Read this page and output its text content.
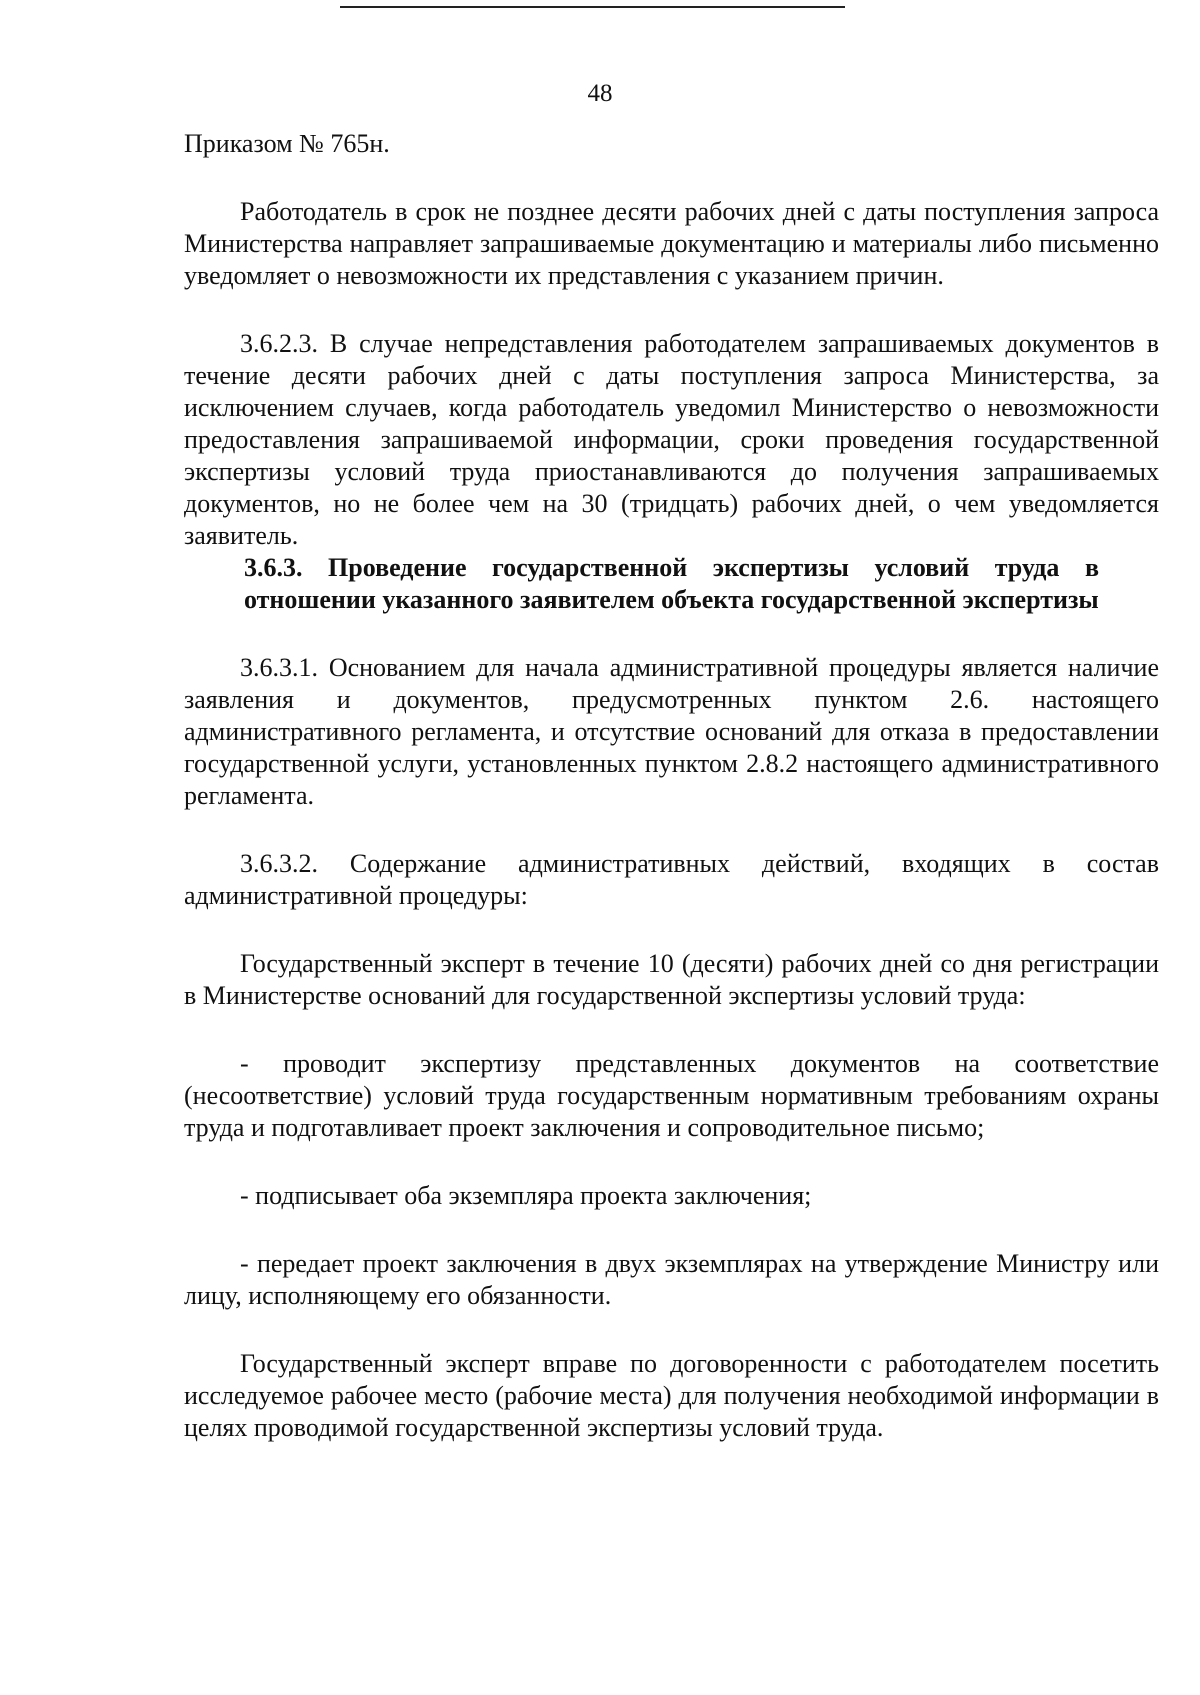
48

Приказом № 765н.

Работодатель в срок не позднее десяти рабочих дней с даты поступления запроса Министерства направляет запрашиваемые документацию и материалы либо письменно уведомляет о невозможности их представления с указанием причин.

3.6.2.3. В случае непредставления работодателем запрашиваемых документов в течение десяти рабочих дней с даты поступления запроса Министерства, за исключением случаев, когда работодатель уведомил Министерство о невозможности предоставления запрашиваемой информации, сроки проведения государственной экспертизы условий труда приостанавливаются до получения запрашиваемых документов, но не более чем на 30 (тридцать) рабочих дней, о чем уведомляется заявитель.

3.6.3. Проведение государственной экспертизы условий труда в отношении указанного заявителем объекта государственной экспертизы

3.6.3.1. Основанием для начала административной процедуры является наличие заявления и документов, предусмотренных пунктом 2.6. настоящего административного регламента, и отсутствие оснований для отказа в предоставлении государственной услуги, установленных пунктом 2.8.2 настоящего административного регламента.

3.6.3.2. Содержание административных действий, входящих в состав административной процедуры:

Государственный эксперт в течение 10 (десяти) рабочих дней со дня регистрации в Министерстве оснований для государственной экспертизы условий труда:

- проводит экспертизу представленных документов на соответствие (несоответствие) условий труда государственным нормативным требованиям охраны труда и подготавливает проект заключения и сопроводительное письмо;

- подписывает оба экземпляра проекта заключения;

- передает проект заключения в двух экземплярах на утверждение Министру или лицу, исполняющему его обязанности.

Государственный эксперт вправе по договоренности с работодателем посетить исследуемое рабочее место (рабочие места) для получения необходимой информации в целях проводимой государственной экспертизы условий труда.
